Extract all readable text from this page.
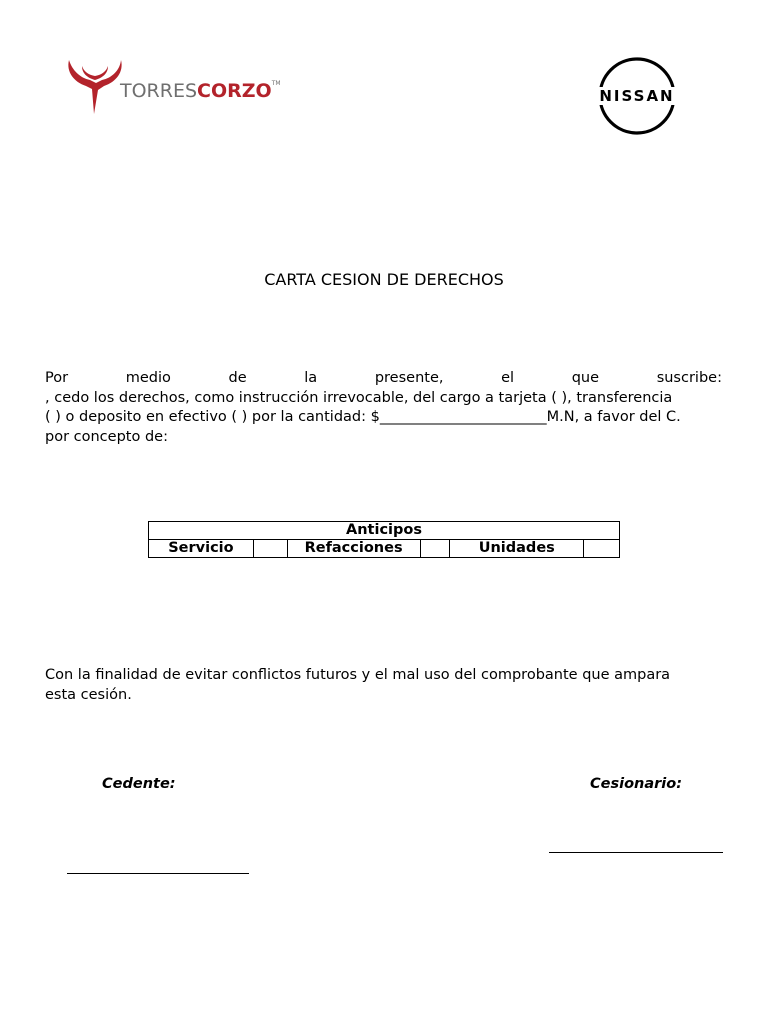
TORRESCORZO™
NISSAN
CARTA CESION DE DERECHOS
Por	medio	de	la	presente,	el	que	suscribe:
, cedo los derechos, como instrucción irrevocable, del cargo a tarjeta ( ), transferencia
( ) o deposito en efectivo ( ) por la cantidad: $_______________________M.N, a favor del C.
por concepto de:
Anticipos
Servicio		Refacciones		Unidades	
Con la finalidad de evitar conflictos futuros y el mal uso del comprobante que ampara
esta cesión.
Cedente:	Cesionario:
